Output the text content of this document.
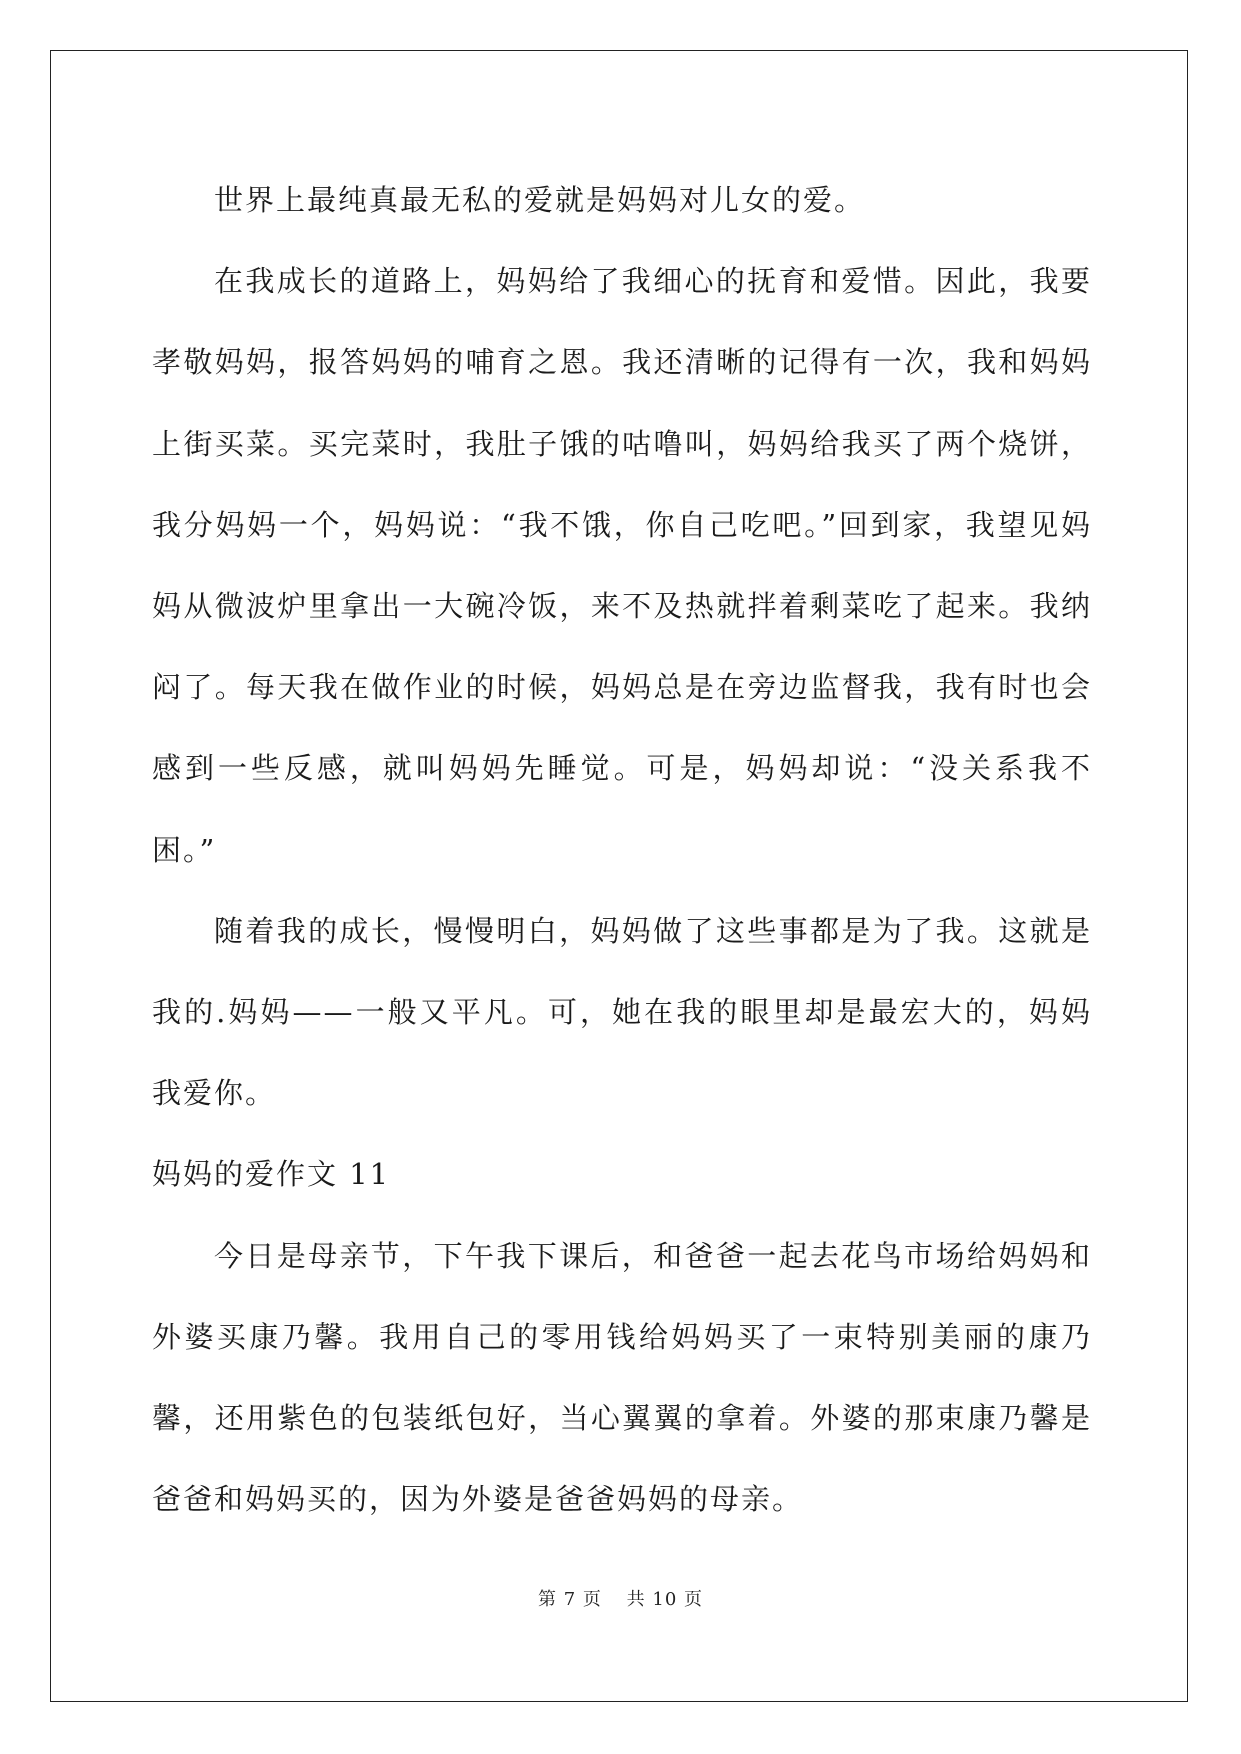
世界上最纯真最无私的爱就是妈妈对儿女的爱。

在我成长的道路上，妈妈给了我细心的抚育和爱惜。因此，我要孝敬妈妈，报答妈妈的哺育之恩。我还清晰的记得有一次，我和妈妈上街买菜。买完菜时，我肚子饿的咕噜叫，妈妈给我买了两个烧饼，我分妈妈一个，妈妈说：“我不饿，你自己吃吧。”回到家，我望见妈妈从微波炉里拿出一大碗冷饭，来不及热就拌着剩菜吃了起来。我纳闷了。每天我在做作业的时候，妈妈总是在旁边监督我，我有时也会感到一些反感，就叫妈妈先睡觉。可是，妈妈却说：“没关系我不困。”

随着我的成长，慢慢明白，妈妈做了这些事都是为了我。这就是我的.妈妈——一般又平凡。可，她在我的眼里却是最宏大的，妈妈我爱你。

妈妈的爱作文 11

今日是母亲节，下午我下课后，和爸爸一起去花鸟市场给妈妈和外婆买康乃馨。我用自己的零用钱给妈妈买了一束特别美丽的康乃馨，还用紫色的包装纸包好，当心翼翼的拿着。外婆的那束康乃馨是爸爸和妈妈买的，因为外婆是爸爸妈妈的母亲。

第 7 页 共 10 页
